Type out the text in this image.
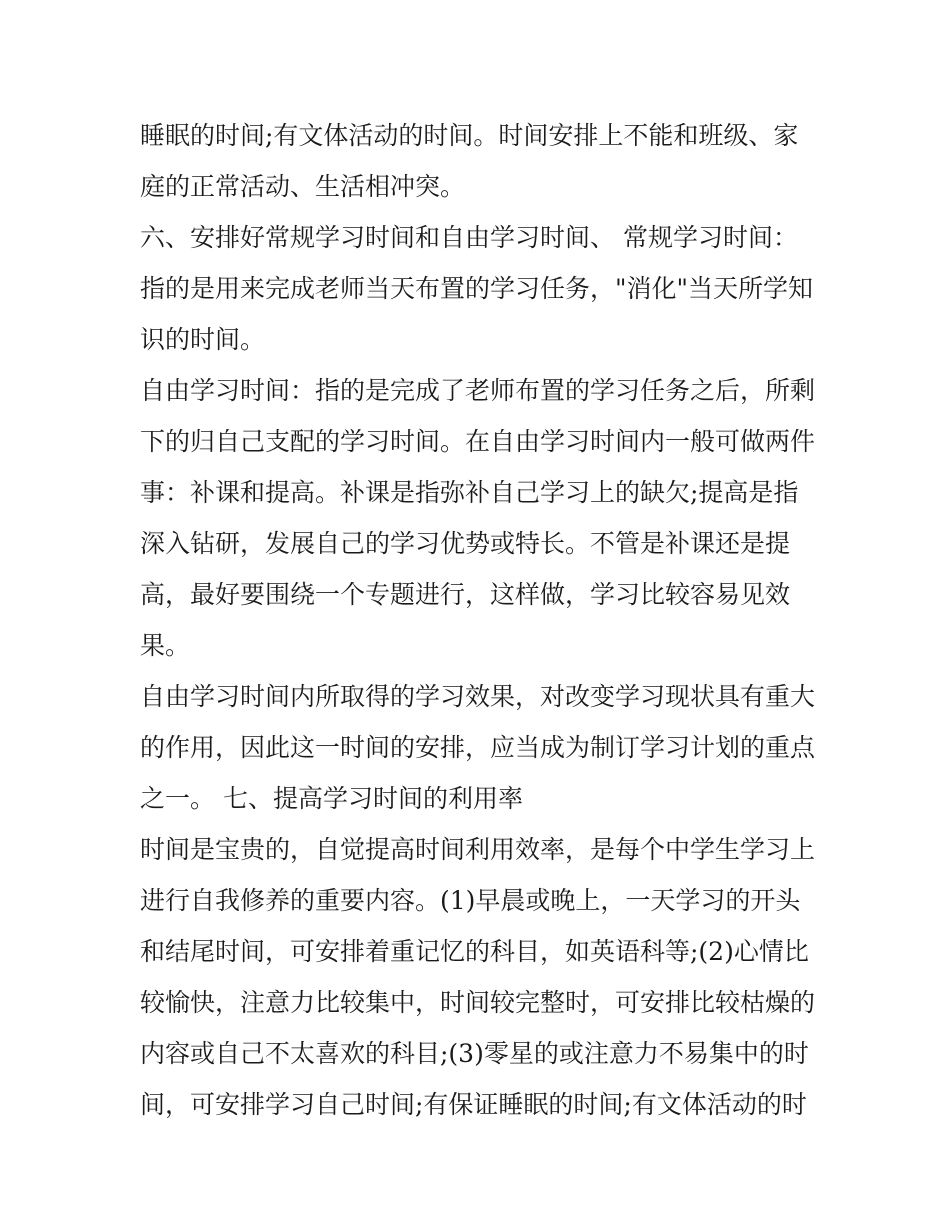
睡眠的时间;有文体活动的时间。时间安排上不能和班级、家
庭的正常活动、生活相冲突。
六、安排好常规学习时间和自由学习时间、 常规学习时间：
指的是用来完成老师当天布置的学习任务，"消化"当天所学知
识的时间。
自由学习时间：指的是完成了老师布置的学习任务之后，所剩
下的归自己支配的学习时间。在自由学习时间内一般可做两件
事：补课和提高。补课是指弥补自己学习上的缺欠;提高是指
深入钻研，发展自己的学习优势或特长。不管是补课还是提
高，最好要围绕一个专题进行，这样做，学习比较容易见效
果。
自由学习时间内所取得的学习效果，对改变学习现状具有重大
的作用，因此这一时间的安排，应当成为制订学习计划的重点
之一。 七、提高学习时间的利用率
时间是宝贵的，自觉提高时间利用效率，是每个中学生学习上
进行自我修养的重要内容。(1)早晨或晚上，一天学习的开头
和结尾时间，可安排着重记忆的科目，如英语科等;(2)心情比
较愉快，注意力比较集中，时间较完整时，可安排比较枯燥的
内容或自己不太喜欢的科目;(3)零星的或注意力不易集中的时
间，可安排学习自己时间;有保证睡眠的时间;有文体活动的时
